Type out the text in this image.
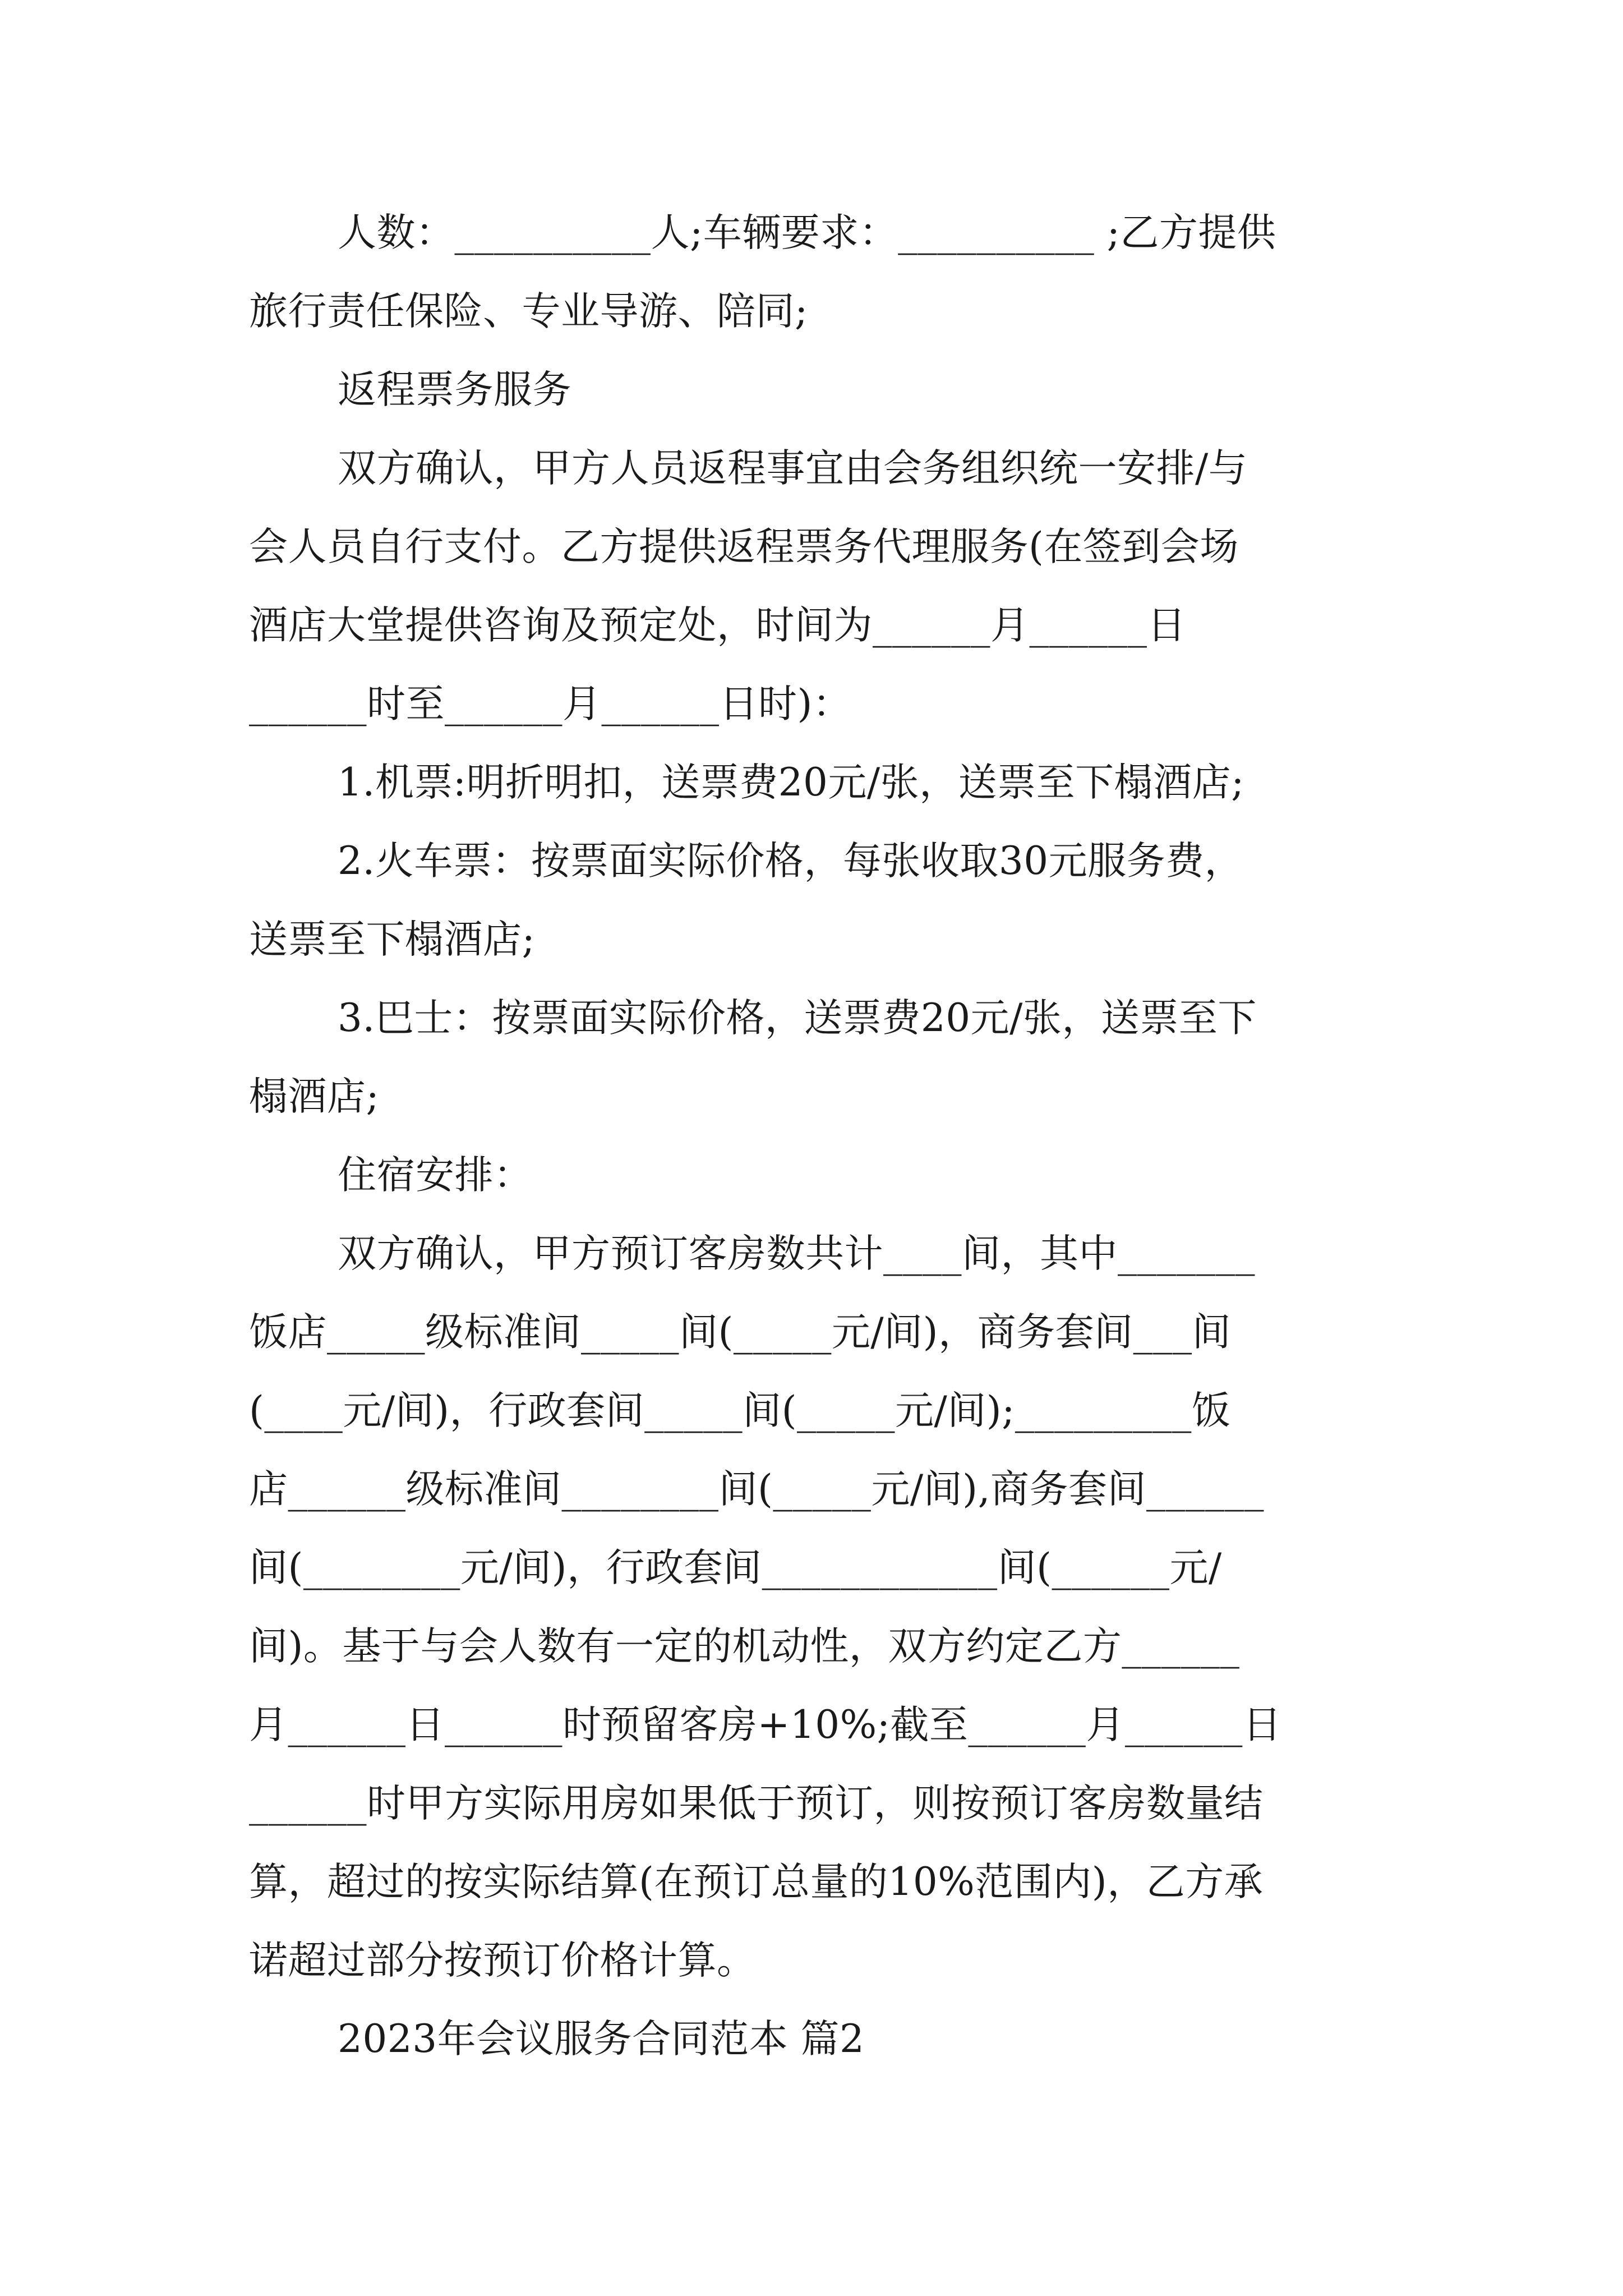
人数：__________人;车辆要求：__________ ;乙方提供
旅行责任保险、专业导游、陪同;
返程票务服务
双方确认，甲方人员返程事宜由会务组织统一安排/与
会人员自行支付。乙方提供返程票务代理服务(在签到会场
酒店大堂提供咨询及预定处，时间为______月______日
______时至______月______日时)：
1.机票:明折明扣，送票费20元/张，送票至下榻酒店;
2.火车票：按票面实际价格，每张收取30元服务费，
送票至下榻酒店;
3.巴士：按票面实际价格，送票费20元/张，送票至下
榻酒店;
住宿安排：
双方确认，甲方预订客房数共计____间，其中_______
饭店_____级标准间_____间(_____元/间)，商务套间___间
(____元/间)，行政套间_____间(_____元/间);_________饭
店______级标准间________间(_____元/间),商务套间______
间(________元/间)，行政套间____________间(______元/
间)。基于与会人数有一定的机动性，双方约定乙方______
月______日______时预留客房+10%;截至______月______日
______时甲方实际用房如果低于预订，则按预订客房数量结
算，超过的按实际结算(在预订总量的10%范围内)，乙方承
诺超过部分按预订价格计算。
2023年会议服务合同范本 篇2
